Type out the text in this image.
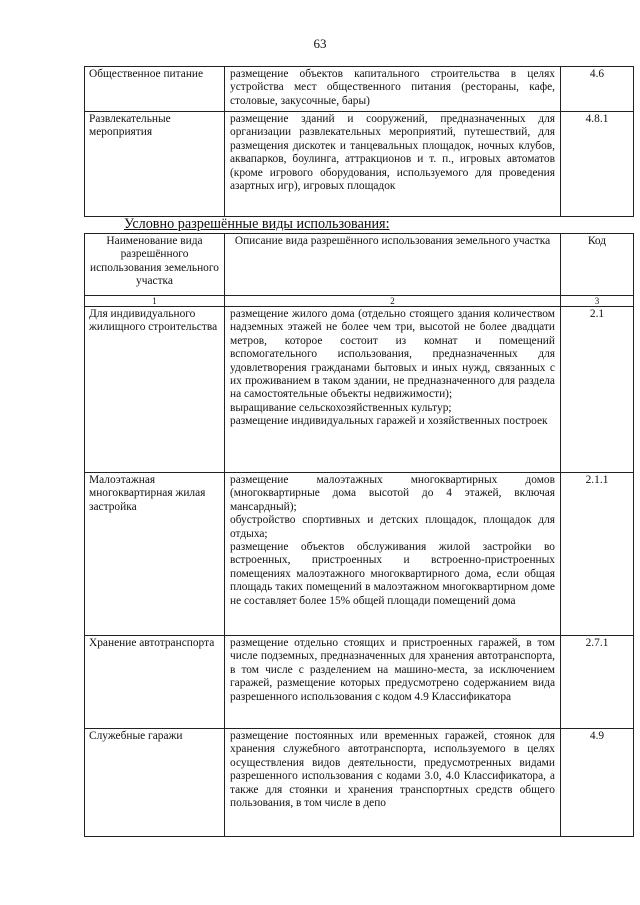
63
Общественное питание	размещение объектов капитального строительства в целях устройства мест общественного питания (рестораны, кафе, столовые, закусочные, бары)	4.6
Развлекательные мероприятия	размещение зданий и сооружений, предназначенных для организации развлекательных мероприятий, путешествий, для размещения дискотек и танцевальных площадок, ночных клубов, аквапарков, боулинга, аттракционов и т. п., игровых автоматов (кроме игрового оборудования, используемого для проведения азартных игр), игровых площадок	4.8.1
Условно разрешённые виды использования:
Наименование вида разрешённого использования земельного участка	Описание вида разрешённого использования земельного участка	Код
1	2	3
Для индивидуального жилищного строительства	размещение жилого дома (отдельно стоящего здания количеством надземных этажей не более чем три, высотой не более двадцати метров, которое состоит из комнат и помещений вспомогательного использования, предназначенных для удовлетворения гражданами бытовых и иных нужд, связанных с их проживанием в таком здании, не предназначенного для раздела на самостоятельные объекты недвижимости);

выращивание сельскохозяйственных культур;

размещение индивидуальных гаражей и хозяйственных построек	2.1
Малоэтажная многоквартирная жилая застройка	размещение малоэтажных многоквартирных домов (многоквартирные дома высотой до 4 этажей, включая мансардный);

обустройство спортивных и детских площадок, площадок для отдыха;

размещение объектов обслуживания жилой застройки во встроенных, пристроенных и встроенно-пристроенных помещениях малоэтажного многоквартирного дома, если общая площадь таких помещений в малоэтажном многоквартирном доме не составляет более 15% общей площади помещений дома	2.1.1
Хранение автотранспорта	размещение отдельно стоящих и пристроенных гаражей, в том числе подземных, предназначенных для хранения автотранспорта, в том числе с разделением на машино-места, за исключением гаражей, размещение которых предусмотрено содержанием вида разрешенного использования с кодом 4.9 Классификатора	2.7.1
Служебные гаражи	размещение постоянных или временных гаражей, стоянок для хранения служебного автотранспорта, используемого в целях осуществления видов деятельности, предусмотренных видами разрешенного использования с кодами 3.0, 4.0 Классификатора, а также для стоянки и хранения транспортных средств общего пользования, в том числе в депо	4.9
